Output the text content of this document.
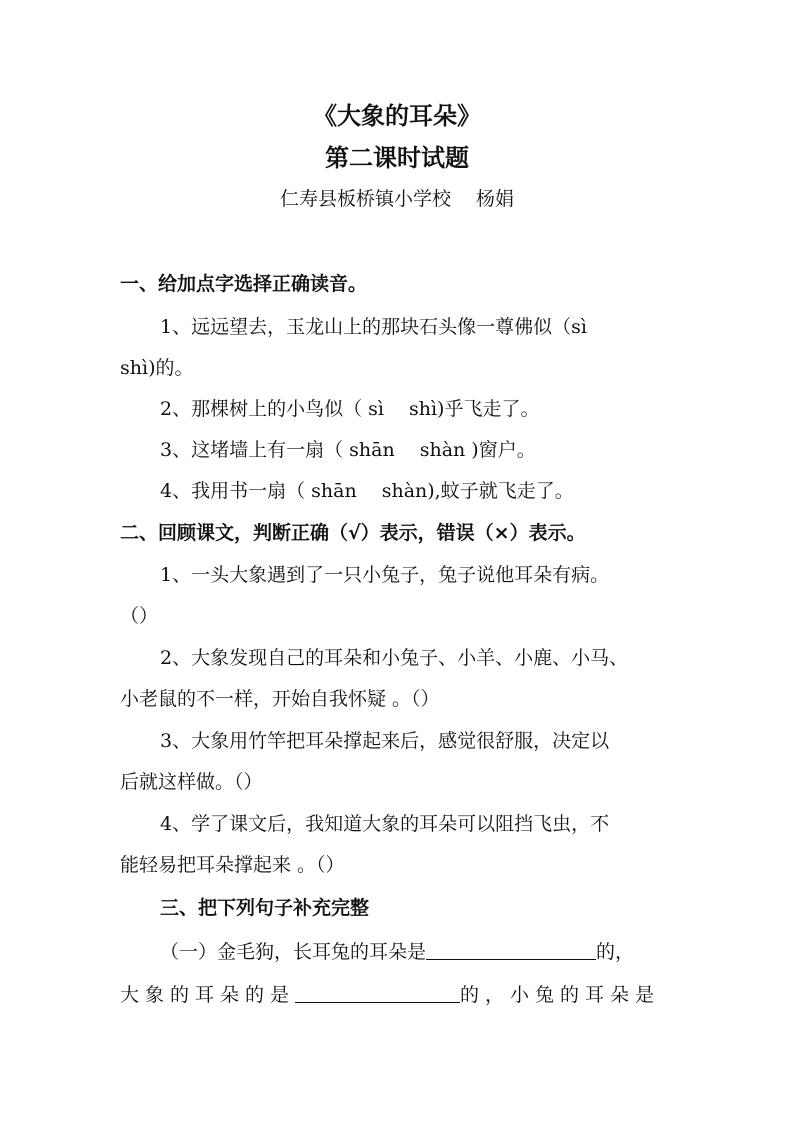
《大象的耳朵》
第二课时试题
仁寿县板桥镇小学校　 杨娟
一、给加点字选择正确读音。
1、远远望去，玉龙山上的那块石头像一尊佛似（sì
shì)的。
2、那棵树上的小鸟似（ sì　 shì)乎飞走了。
3、这堵墙上有一扇（ shān　 shàn )窗户。
4、我用书一扇（ shān　 shàn),蚊子就飞走了。
二、回顾课文，判断正确（√）表示，错误（×）表示。
1、一头大象遇到了一只小兔子，兔子说他耳朵有病。
（）
2、大象发现自己的耳朵和小兔子、小羊、小鹿、小马、
小老鼠的不一样，开始自我怀疑 。（）
3、大象用竹竿把耳朵撑起来后，感觉很舒服，决定以
后就这样做。（）
4、学了课文后，我知道大象的耳朵可以阻挡飞虫，不
能轻易把耳朵撑起来 。（）
三、把下列句子补充完整
（一）金毛狗，长耳兔的耳朵是	的，
大象的耳朵的是	的，小兔的耳朵是
